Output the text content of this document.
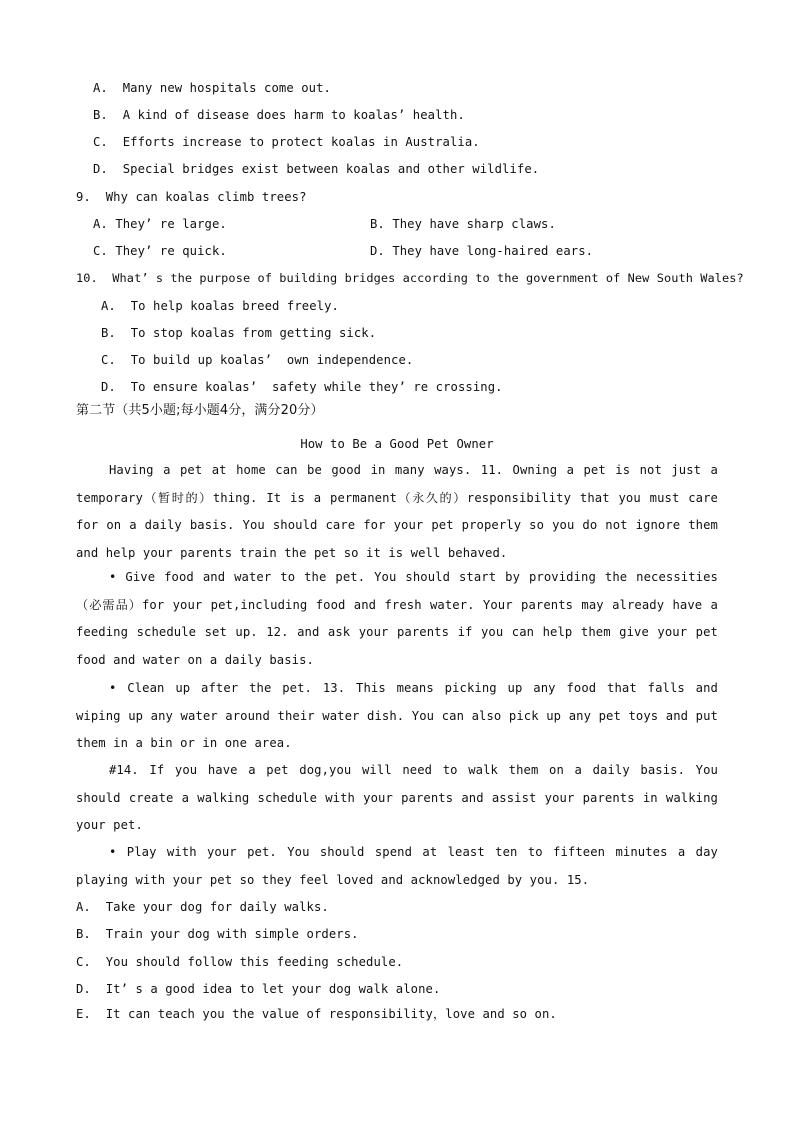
A. Many new hospitals come out.
B. A kind of disease does harm to koalas’ health.
C. Efforts increase to protect koalas in Australia.
D. Special bridges exist between koalas and other wildlife.
9.  Why can koalas climb trees?
A. They’ re large.	B. They have sharp claws.
C. They’ re quick.	D. They have long-haired ears.
10.  What’ s the purpose of building bridges according to the government of New South Wales?
A. To help koalas breed freely.
B. To stop koalas from getting sick.
C. To build up koalas’  own independence.
D. To ensure koalas’  safety while they’ re crossing.
第二节（共5小题;每小题4分，满分20分）
How to Be a Good Pet Owner
Having a pet at home can be good in many ways. 11. Owning a pet is not just a temporary（暂时的）thing. It is a permanent（永久的）responsibility that you must care for on a daily basis. You should care for your pet properly so you do not ignore them and help your parents train the pet so it is well behaved.
• Give food and water to the pet. You should start by providing the necessities（必需品）for your pet,including food and fresh water. Your parents may already have a feeding schedule set up. 12. and ask your parents if you can help them give your pet food and water on a daily basis.
• Clean up after the pet. 13. This means picking up any food that falls and wiping up any water around their water dish. You can also pick up any pet toys and put them in a bin or in one area.
#14. If you have a pet dog,you will need to walk them on a daily basis. You should create a walking schedule with your parents and assist your parents in walking your pet.
• Play with your pet. You should spend at least ten to fifteen minutes a day playing with your pet so they feel loved and acknowledged by you. 15.
A. Take your dog for daily walks.
B. Train your dog with simple orders.
C. You should follow this feeding schedule.
D. It’ s a good idea to let your dog walk alone.
E. It can teach you the value of responsibility，love and so on.
